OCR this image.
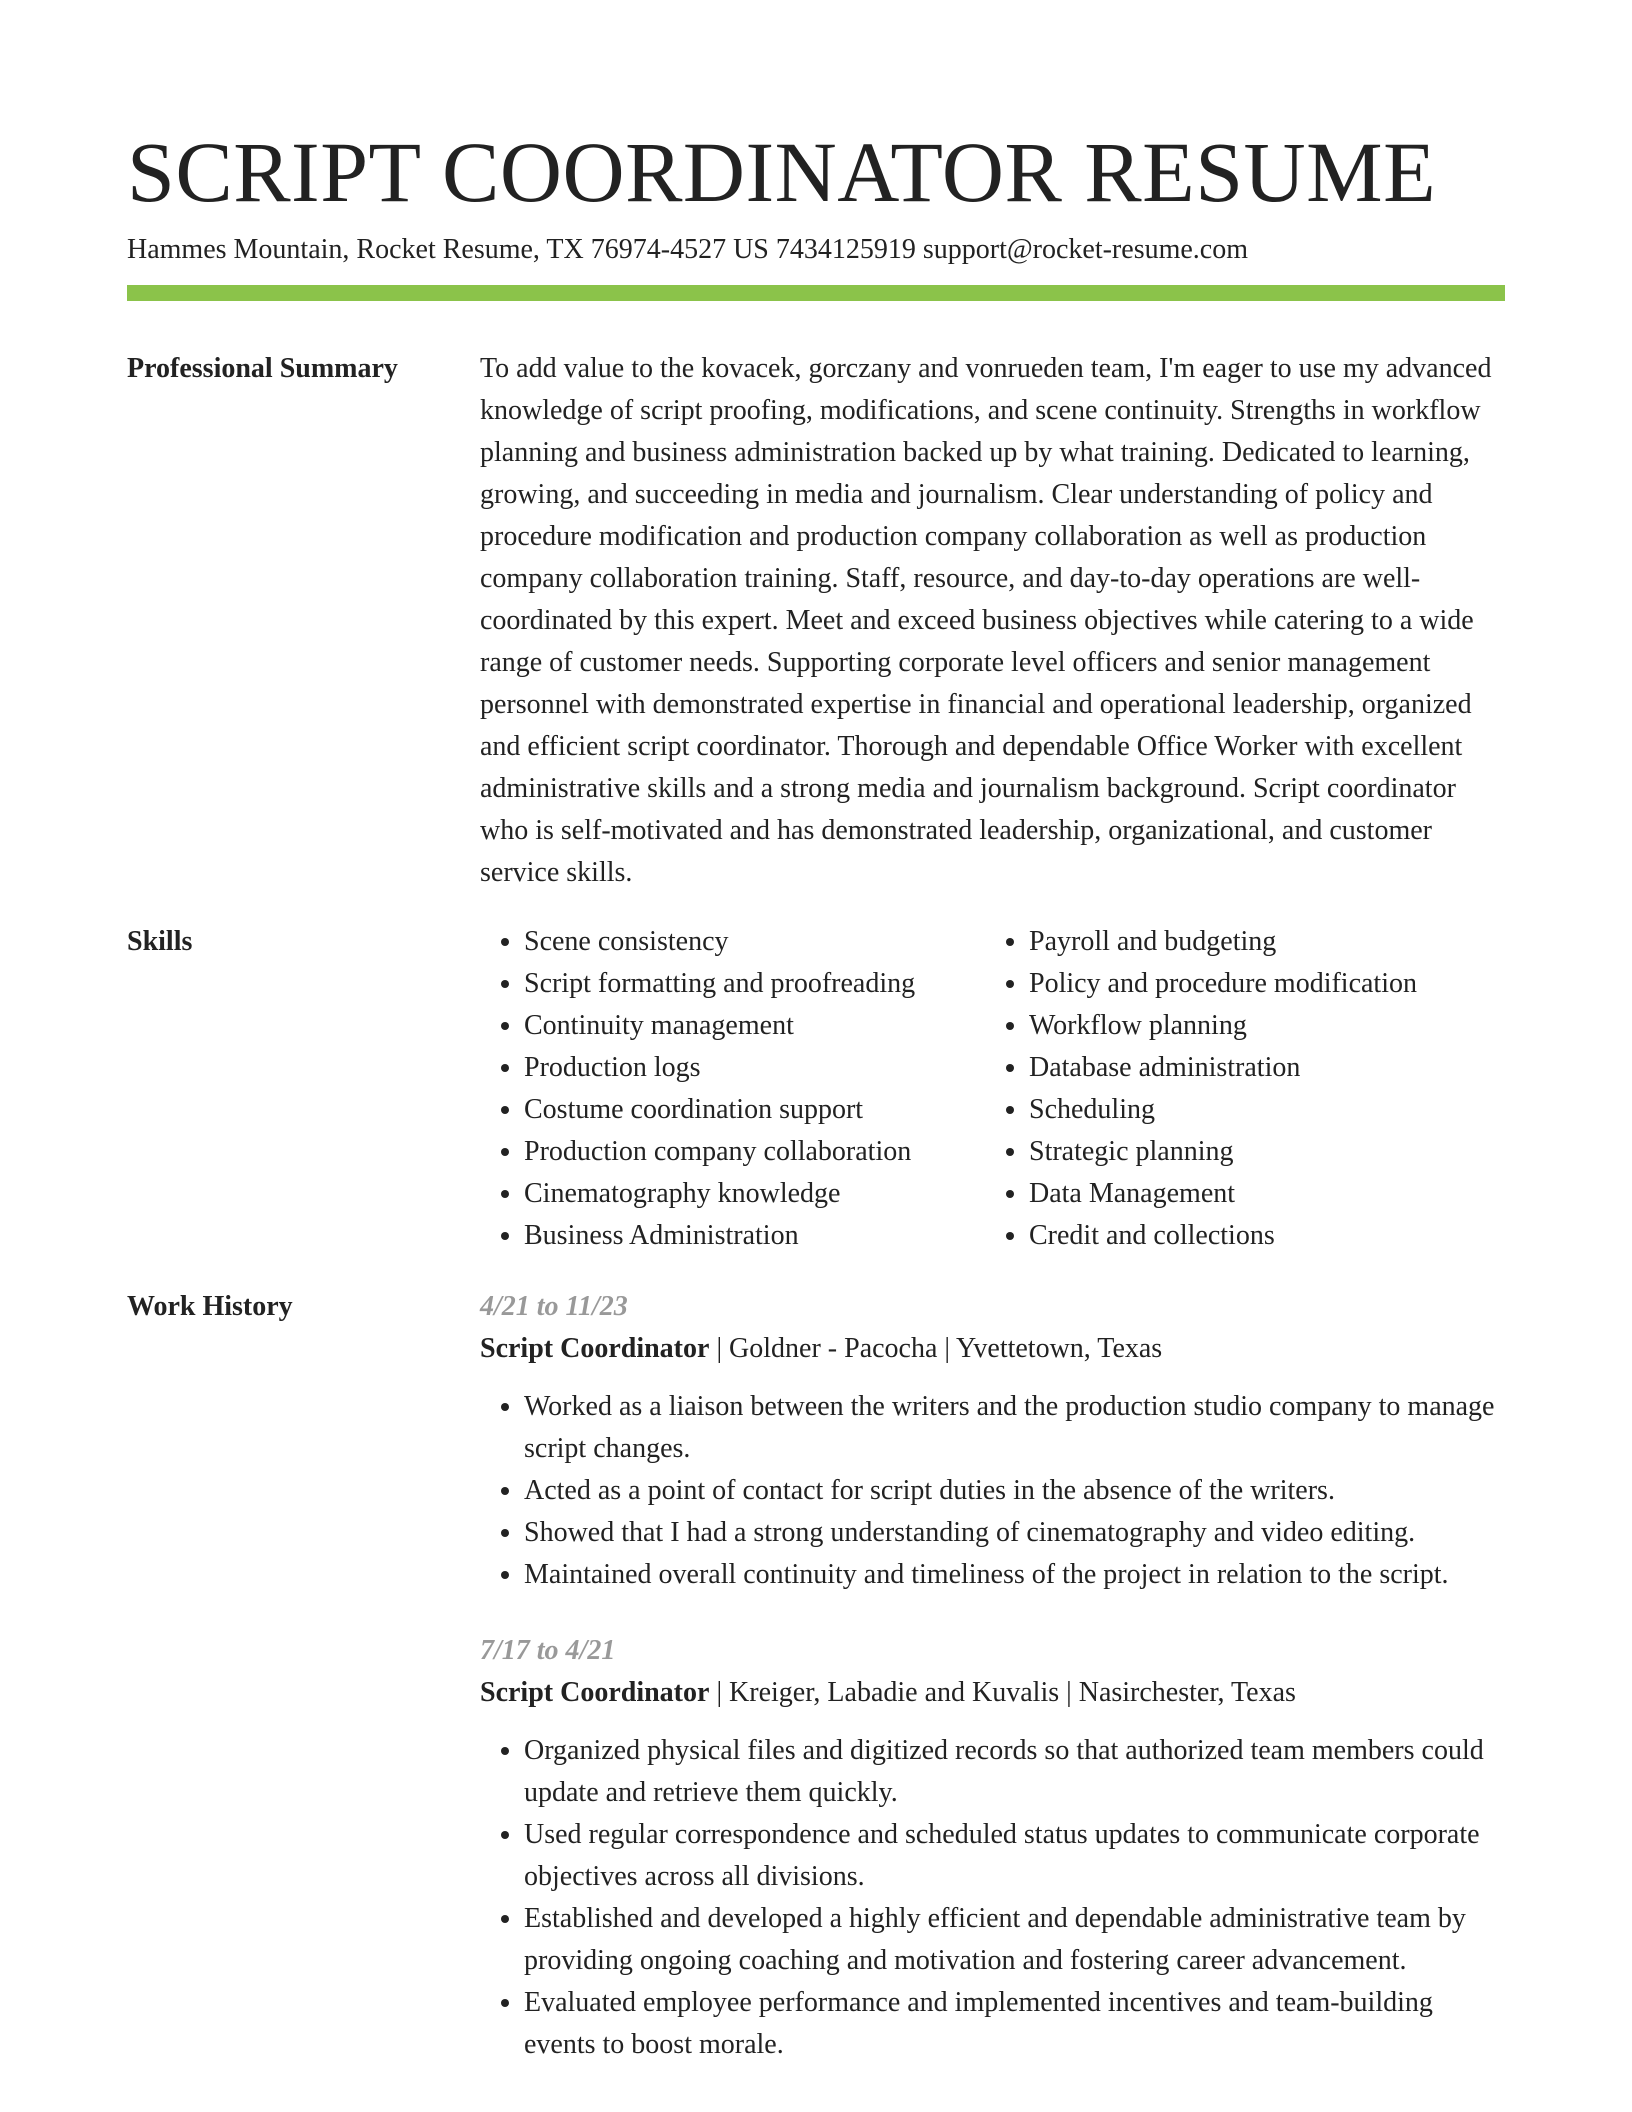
SCRIPT COORDINATOR RESUME
Hammes Mountain, Rocket Resume, TX 76974-4527 US 7434125919 support@rocket-resume.com
Professional Summary	To add value to the kovacek, gorczany and vonrueden team, I'm eager to use my advanced knowledge of script proofing, modifications, and scene continuity. Strengths in workflow planning and business administration backed up by what training. Dedicated to learning, growing, and succeeding in media and journalism. Clear understanding of policy and procedure modification and production company collaboration as well as production company collaboration training. Staff, resource, and day-to-day operations are well-coordinated by this expert. Meet and exceed business objectives while catering to a wide range of customer needs. Supporting corporate level officers and senior management personnel with demonstrated expertise in financial and operational leadership, organized and efficient script coordinator. Thorough and dependable Office Worker with excellent administrative skills and a strong media and journalism background. Script coordinator who is self-motivated and has demonstrated leadership, organizational, and customer service skills.

Skills
•	Scene consistency
• Script formatting and proofreading
• Continuity management
• Production logs
• Costume coordination support
• Production company collaboration
• Cinematography knowledge
• Business Administration
• Payroll and budgeting
• Policy and procedure modification
• Workflow planning
• Database administration
• Scheduling
• Strategic planning
• Data Management
• Credit and collections
Work History	4/21 to 11/23
Script Coordinator | Goldner - Pacocha | Yvettetown, Texas
• Worked as a liaison between the writers and the production studio company to manage script changes.
• Acted as a point of contact for script duties in the absence of the writers.
• Showed that I had a strong understanding of cinematography and video editing.
• Maintained overall continuity and timeliness of the project in relation to the script.
7/17 to 4/21
Script Coordinator | Kreiger, Labadie and Kuvalis | Nasirchester, Texas
• Organized physical files and digitized records so that authorized team members could update and retrieve them quickly.
• Used regular correspondence and scheduled status updates to communicate corporate objectives across all divisions.
• Established and developed a highly efficient and dependable administrative team by providing ongoing coaching and motivation and fostering career advancement.
• Evaluated employee performance and implemented incentives and team-building events to boost morale.
